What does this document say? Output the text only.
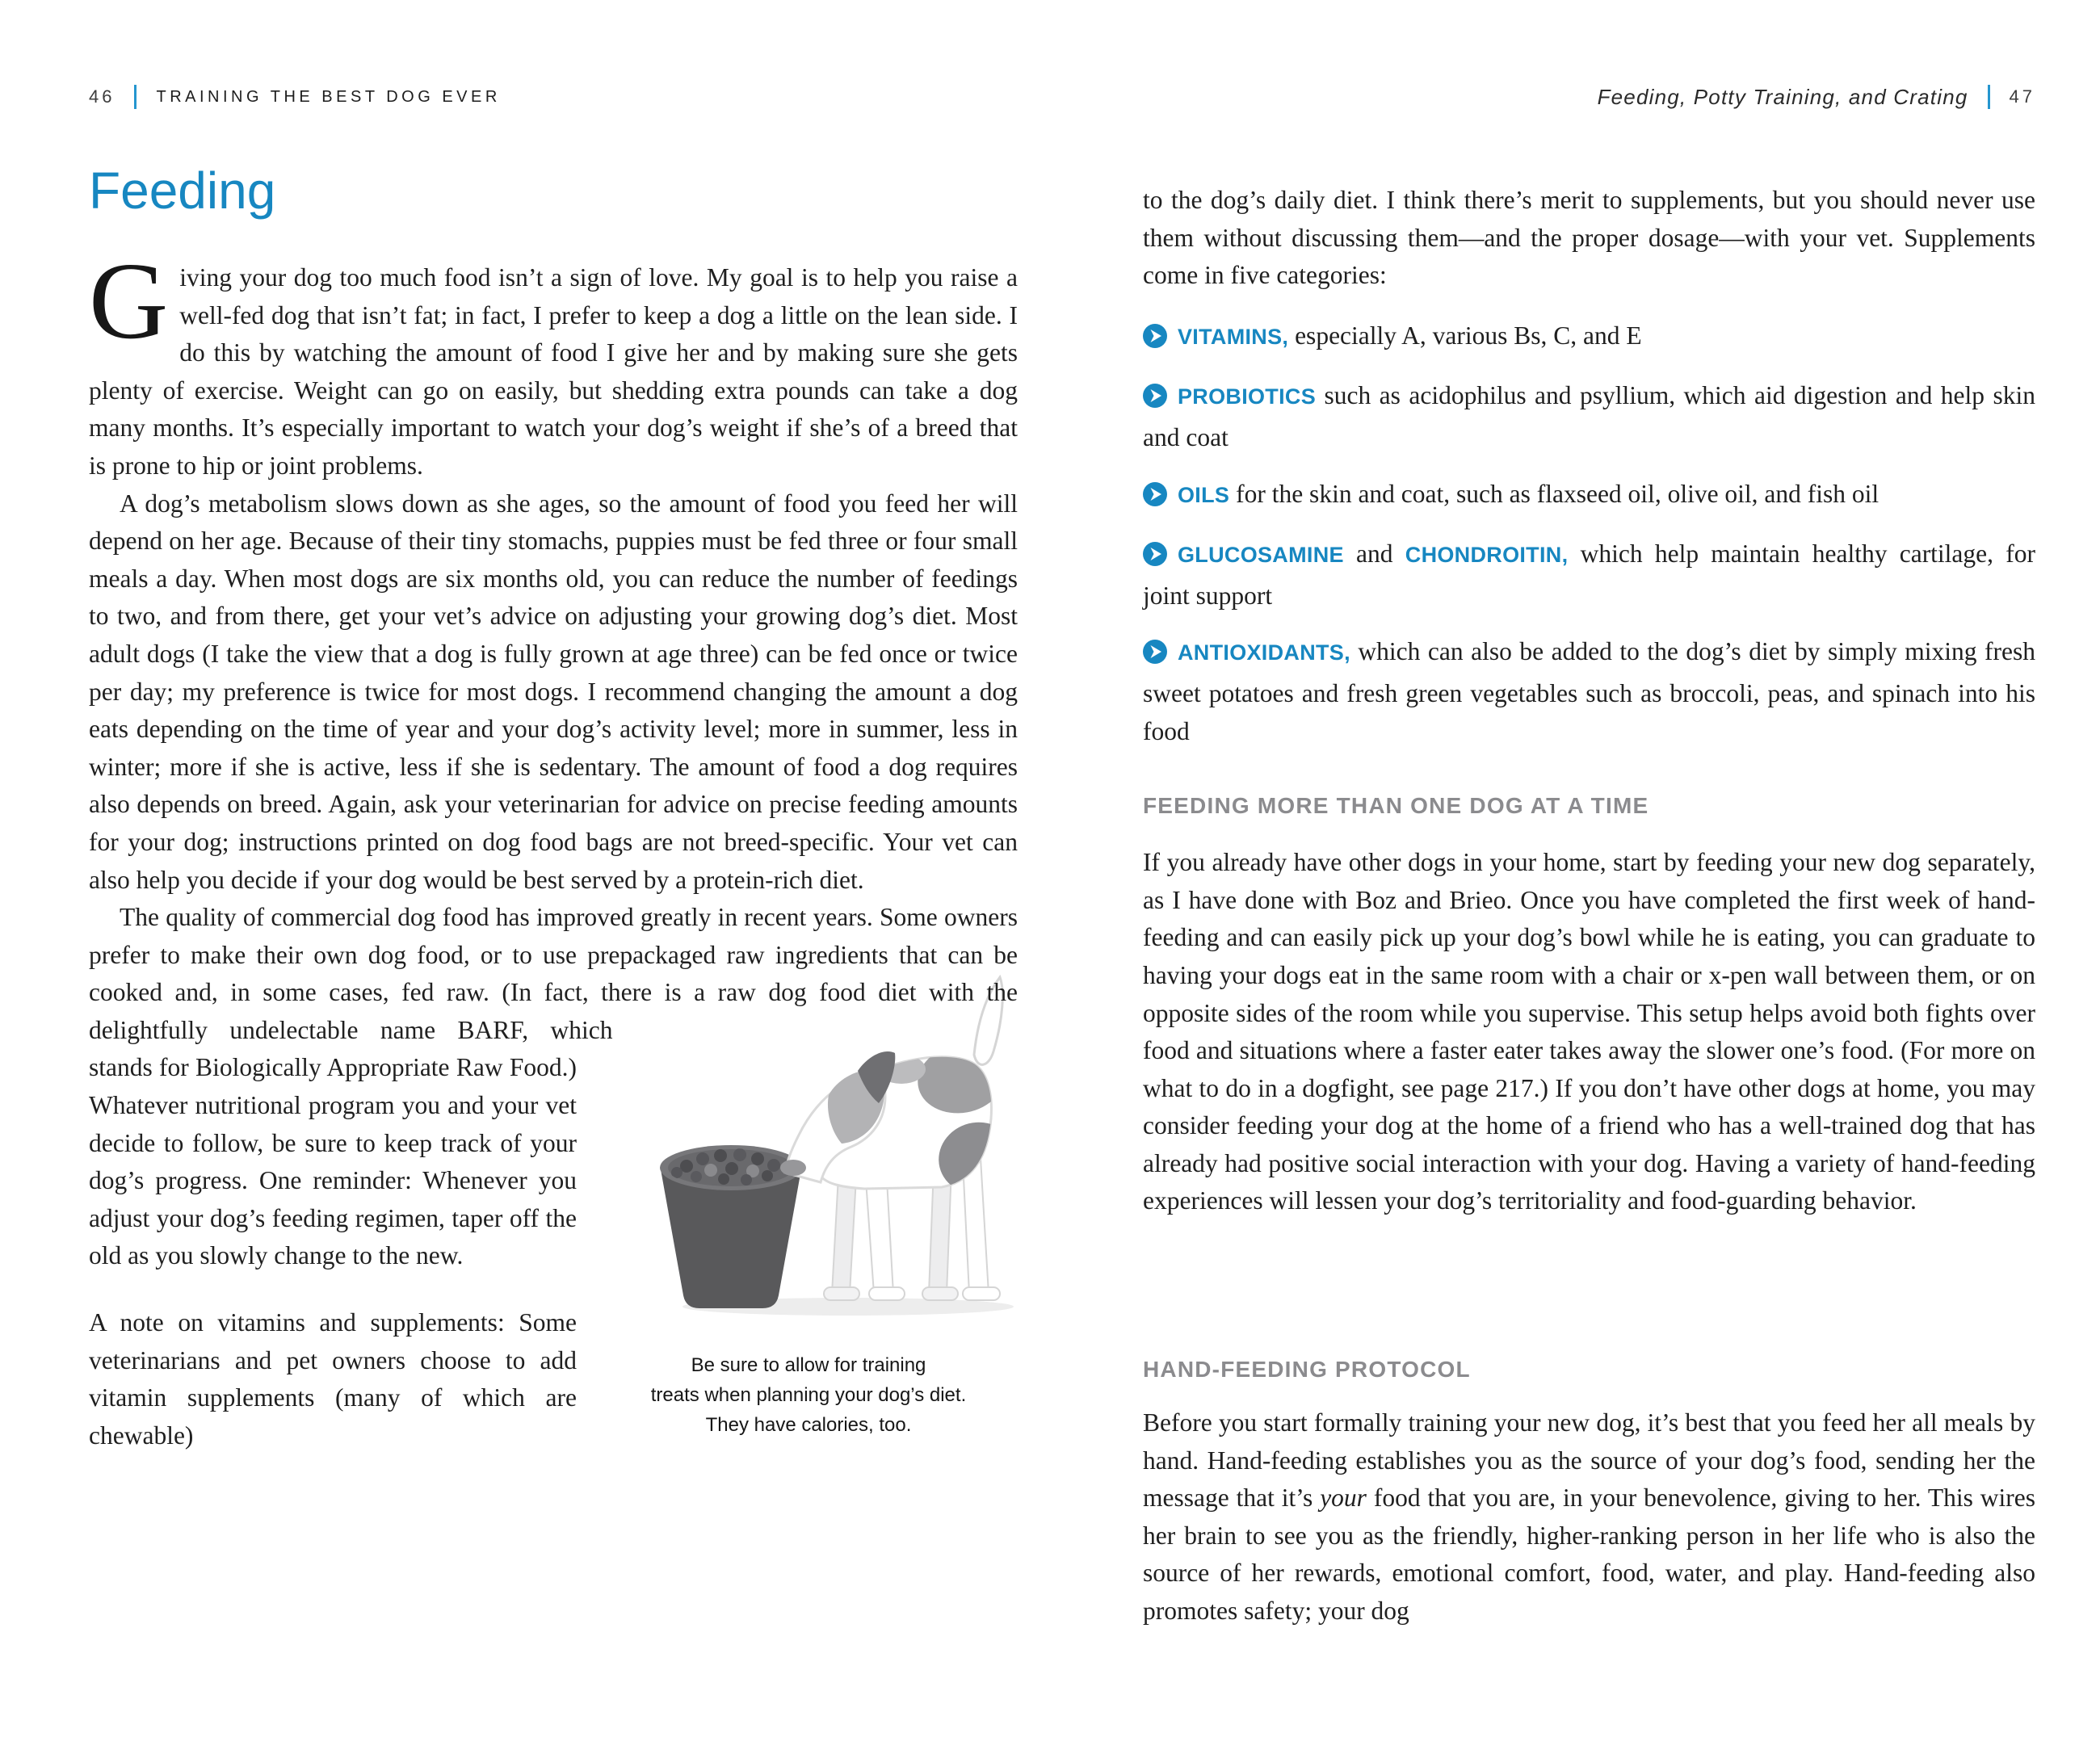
46	TRAINING THE BEST DOG EVER
Feeding

Giving your dog too much food isn’t a sign of love. My goal is to help you raise a well-fed dog that isn’t fat; in fact, I prefer to keep a dog a little on the lean side. I do this by watching the amount of food I give her and by making sure she gets plenty of exercise. Weight can go on easily, but shedding extra pounds can take a dog many months. It’s especially important to watch your dog’s weight if she’s of a breed that is prone to hip or joint problems.

A dog’s metabolism slows down as she ages, so the amount of food you feed her will depend on her age. Because of their tiny stomachs, puppies must be fed three or four small meals a day. When most dogs are six months old, you can reduce the number of feedings to two, and from there, get your vet’s advice on adjusting your growing dog’s diet. Most adult dogs (I take the view that a dog is fully grown at age three) can be fed once or twice per day; my preference is twice for most dogs. I recommend changing the amount a dog eats depending on the time of year and your dog’s activity level; more in summer, less in winter; more if she is active, less if she is sedentary. The amount of food a dog requires also depends on breed. Again, ask your veterinarian for advice on precise feeding amounts for your dog; instructions printed on dog food bags are not breed-specific. Your vet can also help you decide if your dog would be best served by a protein-rich diet.

The quality of commercial dog food has improved greatly in recent years. Some owners prefer to make their own dog food, or to use prepackaged raw ingredients that can be cooked and, in some cases, fed raw. (In
Be sure to allow for training
treats when planning your dog’s diet.
They have calories, too.
fact, there is a raw dog food diet with the delightfully undelectable name BARF, which stands for Biologically Appropriate Raw Food.) Whatever nutritional program you and your vet decide to follow, be sure to keep track of your dog’s progress. One reminder: Whenever you adjust your dog’s feeding regimen, taper off the old as you slowly change to the new.

A note on vitamins and supplements: Some veterinarians and pet owners choose to add vitamin supplements (many of which are chewable)

Feeding, Potty Training, and Crating 47

to the dog’s daily diet. I think there’s merit to supplements, but you should never use them without discussing them—and the proper dosage—with your vet. Supplements come in five categories:

VITAMINS, especially A, various Bs, C, and E
PROBIOTICS such as acidophilus and psyllium, which aid digestion and help skin and coat
OILS for the skin and coat, such as flaxseed oil, olive oil, and fish oil
GLUCOSAMINE and CHONDROITIN, which help maintain healthy cartilage, for joint support
ANTIOXIDANTS, which can also be added to the dog’s diet by simply mixing fresh sweet potatoes and fresh green vegetables such as broccoli, peas, and spinach into his food
FEEDING MORE THAN ONE DOG AT A TIME

If you already have other dogs in your home, start by feeding your new dog separately, as I have done with Boz and Brieo. Once you have completed the first week of hand-feeding and can easily pick up your dog’s bowl while he is eating, you can graduate to having your dogs eat in the same room with a chair or x-pen wall between them, or on opposite sides of the room while you supervise. This setup helps avoid both fights over food and situations where a faster eater takes away the slower one’s food. (For more on what to do in a dogfight, see page 217.) If you don’t have other dogs at home, you may consider feeding your dog at the home of a friend who has a well-trained dog that has already had positive social interaction with your dog. Having a variety of hand-feeding experiences will lessen your dog’s territoriality and food-guarding behavior.

HAND-FEEDING PROTOCOL

Before you start formally training your new dog, it’s best that you feed her all meals by hand. Hand-feeding establishes you as the source of your dog’s food, sending her the message that it’s your food that you are, in your benevolence, giving to her. This wires her brain to see you as the friendly, higher-ranking person in her life who is also the source of her rewards, emotional comfort, food, water, and play. Hand-feeding also promotes safety; your dog
